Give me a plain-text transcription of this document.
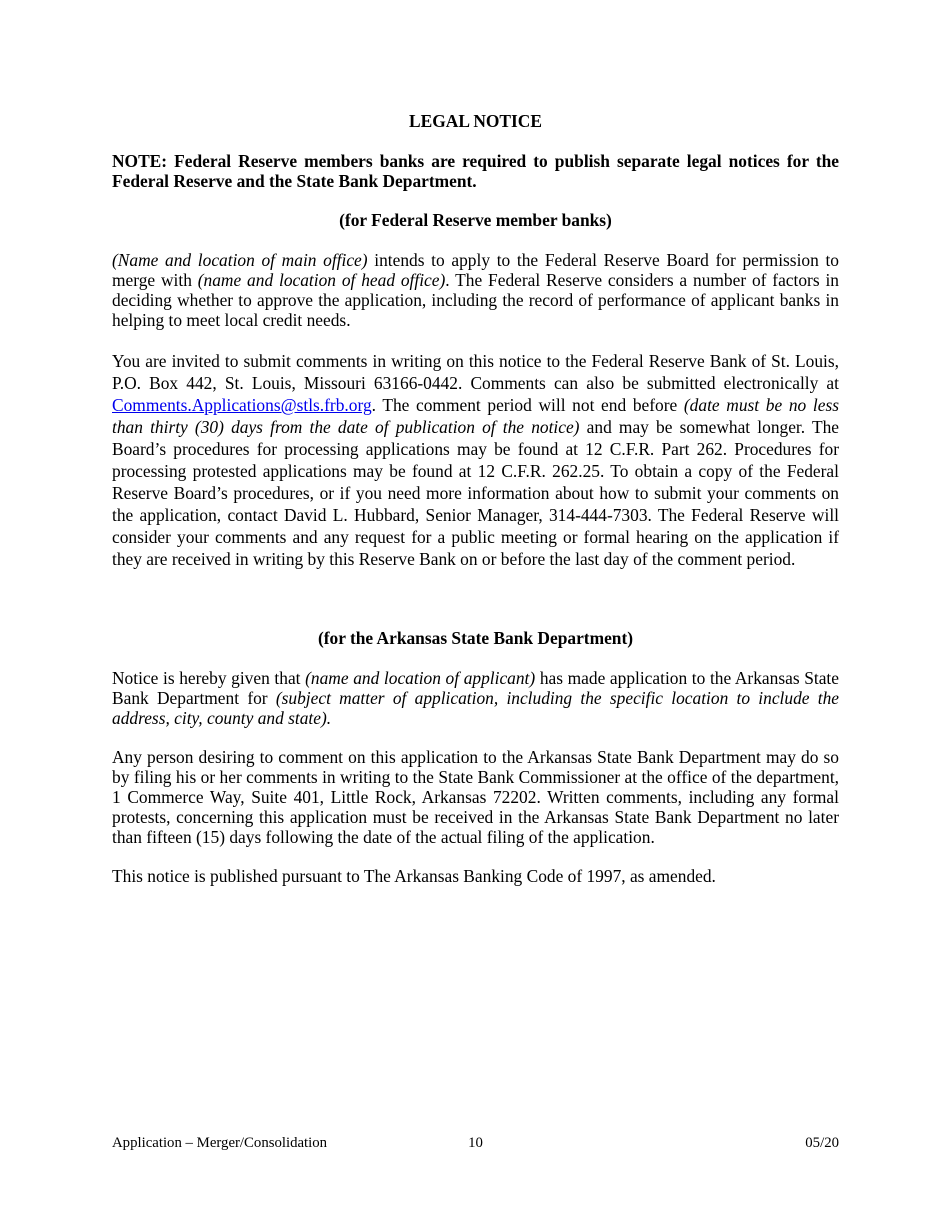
LEGAL NOTICE

NOTE: Federal Reserve members banks are required to publish separate legal notices for the Federal Reserve and the State Bank Department.

(for Federal Reserve member banks)

(Name and location of main office) intends to apply to the Federal Reserve Board for permission to merge with (name and location of head office). The Federal Reserve considers a number of factors in deciding whether to approve the application, including the record of performance of applicant banks in helping to meet local credit needs.

You are invited to submit comments in writing on this notice to the Federal Reserve Bank of St. Louis, P.O. Box 442, St. Louis, Missouri 63166-0442. Comments can also be submitted electronically at Comments.Applications@stls.frb.org. The comment period will not end before (date must be no less than thirty (30) days from the date of publication of the notice) and may be somewhat longer. The Board’s procedures for processing applications may be found at 12 C.F.R. Part 262. Procedures for processing protested applications may be found at 12 C.F.R. 262.25. To obtain a copy of the Federal Reserve Board’s procedures, or if you need more information about how to submit your comments on the application, contact David L. Hubbard, Senior Manager, 314-444-7303. The Federal Reserve will consider your comments and any request for a public meeting or formal hearing on the application if they are received in writing by this Reserve Bank on or before the last day of the comment period.

(for the Arkansas State Bank Department)

Notice is hereby given that (name and location of applicant) has made application to the Arkansas State Bank Department for (subject matter of application, including the specific location to include the address, city, county and state).

Any person desiring to comment on this application to the Arkansas State Bank Department may do so by filing his or her comments in writing to the State Bank Commissioner at the office of the department, 1 Commerce Way, Suite 401, Little Rock, Arkansas 72202. Written comments, including any formal protests, concerning this application must be received in the Arkansas State Bank Department no later than fifteen (15) days following the date of the actual filing of the application.

This notice is published pursuant to The Arkansas Banking Code of 1997, as amended.

Application – Merger/Consolidation	10	05/20
